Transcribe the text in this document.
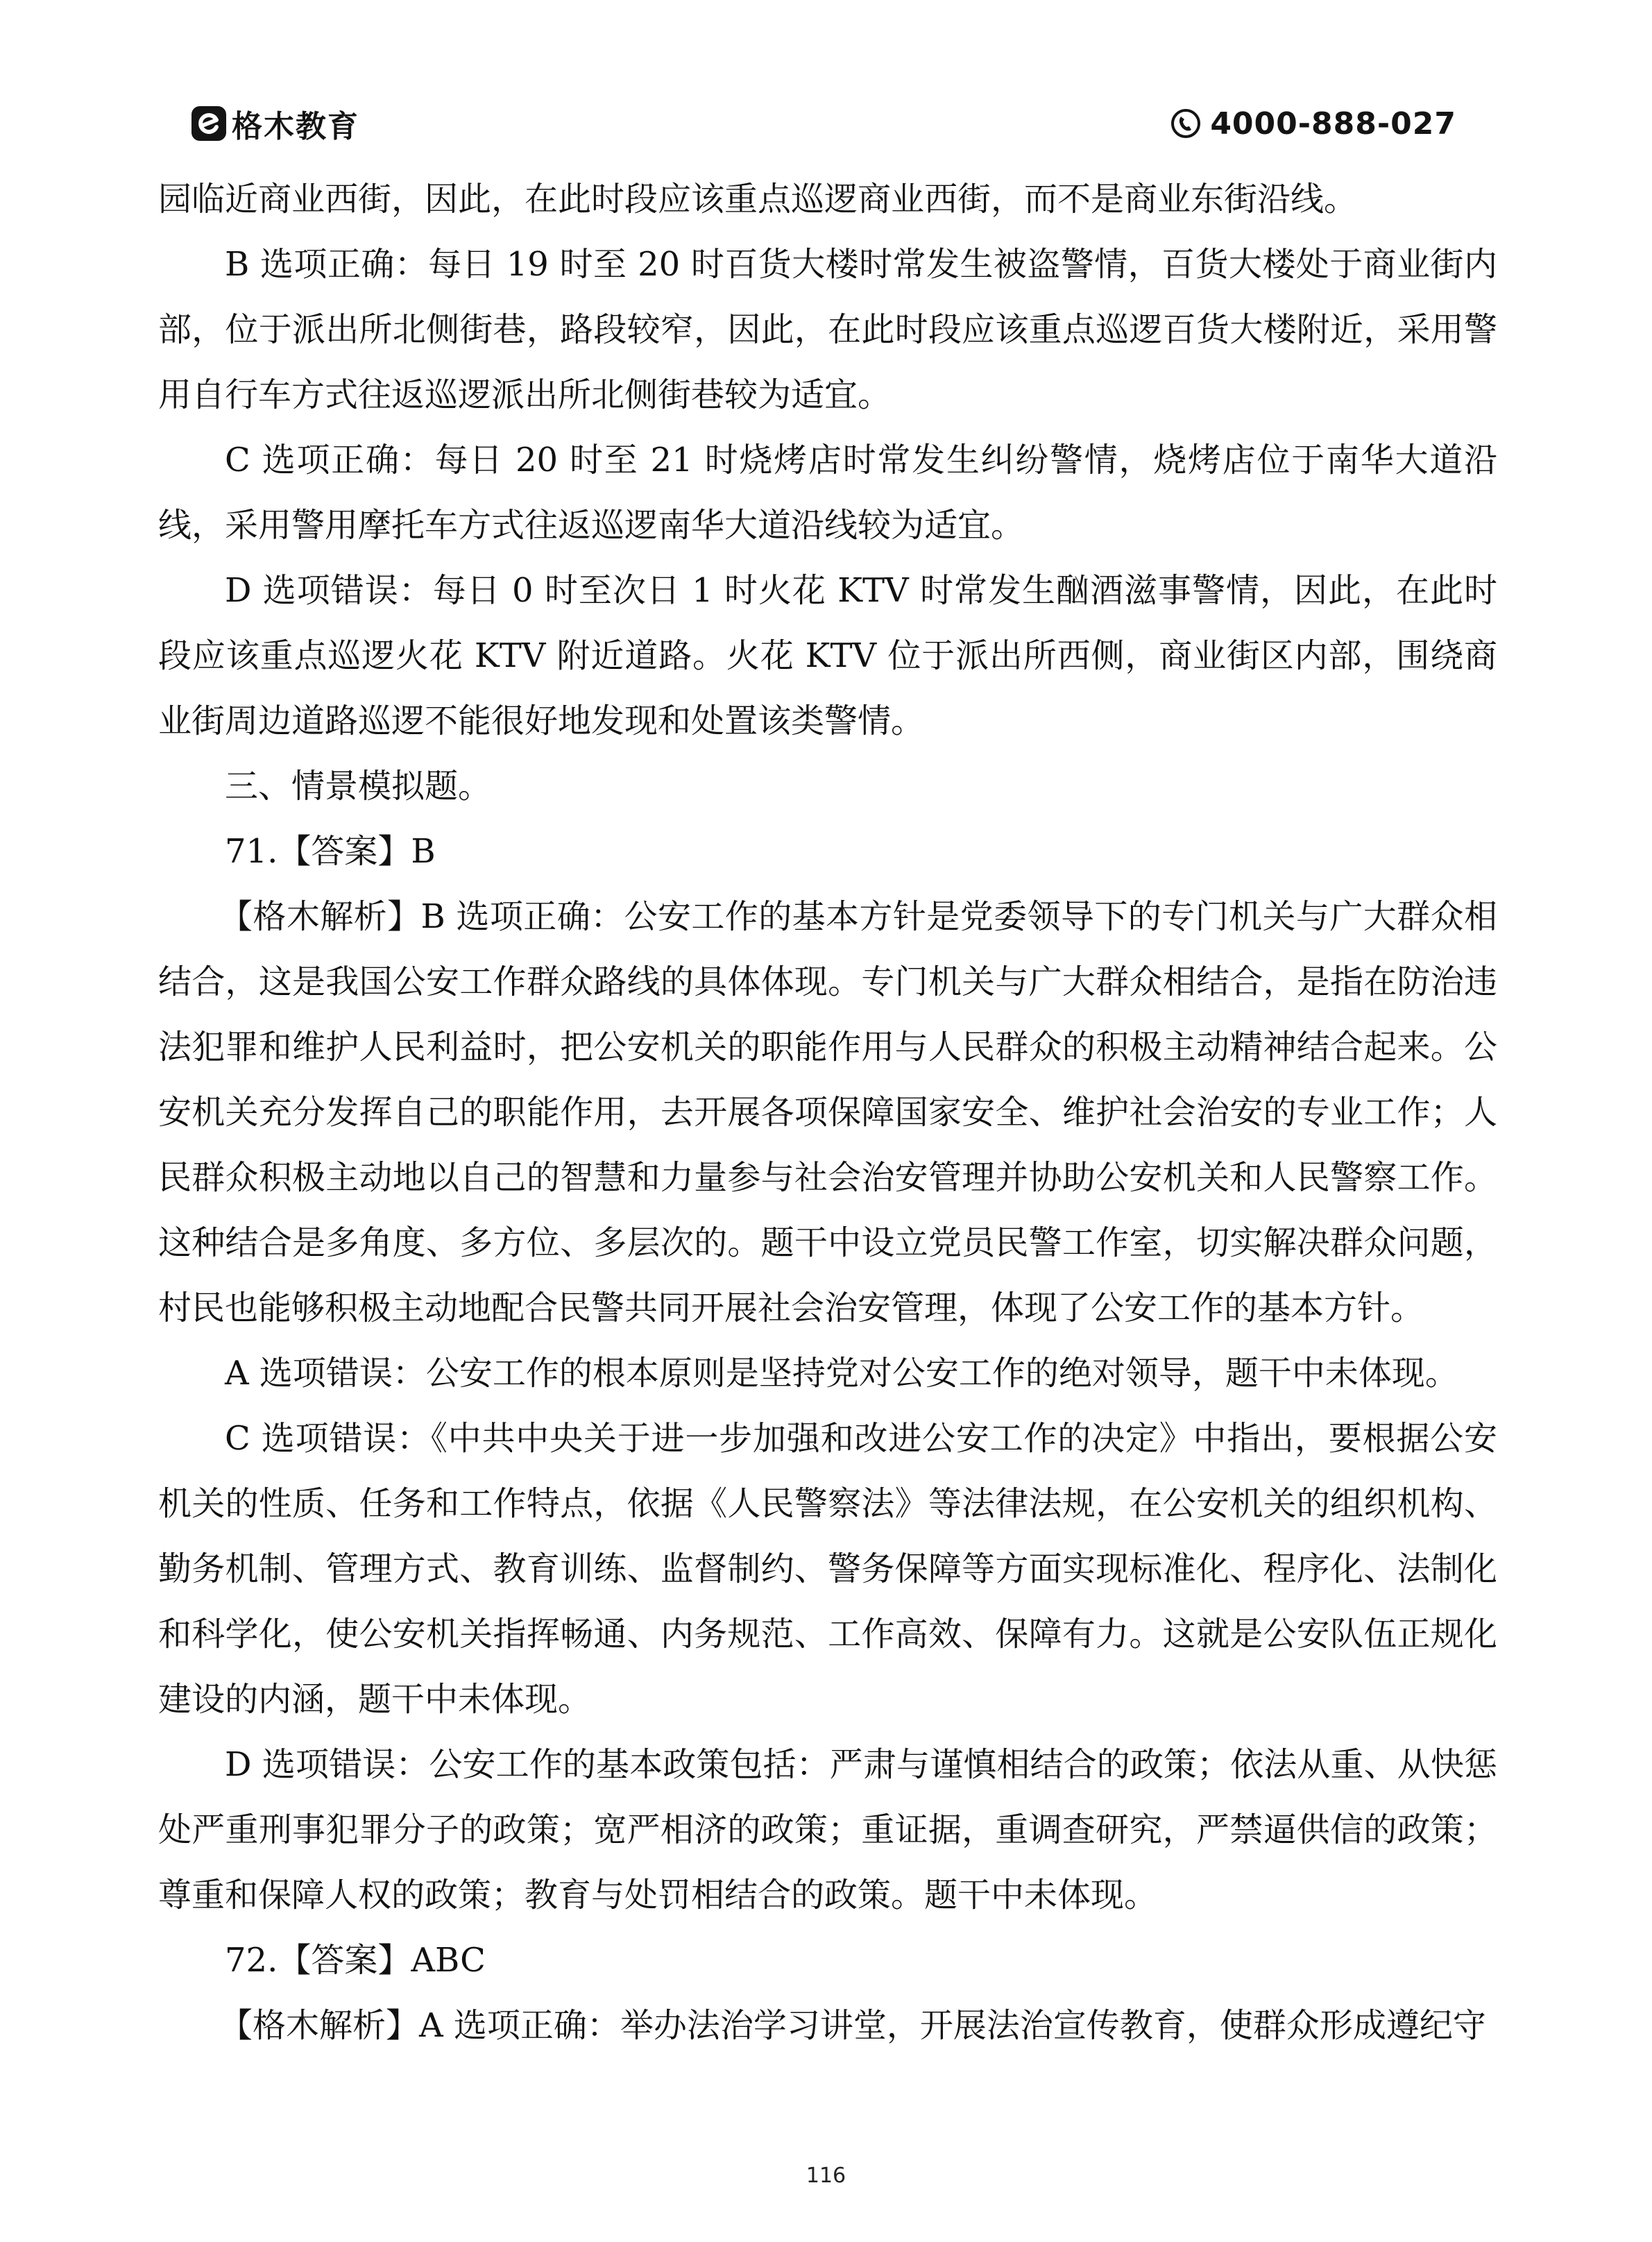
格木教育	4000-888-027

园临近商业西街，因此，在此时段应该重点巡逻商业西街，而不是商业东街沿线。

B 选项正确：每日 19 时至 20 时百货大楼时常发生被盗警情，百货大楼处于商业街内部，位于派出所北侧街巷，路段较窄，因此，在此时段应该重点巡逻百货大楼附近，采用警用自行车方式往返巡逻派出所北侧街巷较为适宜。

C 选项正确：每日 20 时至 21 时烧烤店时常发生纠纷警情，烧烤店位于南华大道沿线，采用警用摩托车方式往返巡逻南华大道沿线较为适宜。

D 选项错误：每日 0 时至次日 1 时火花 KTV 时常发生酗酒滋事警情，因此，在此时段应该重点巡逻火花 KTV 附近道路。火花 KTV 位于派出所西侧，商业街区内部，围绕商业街周边道路巡逻不能很好地发现和处置该类警情。

三、情景模拟题。

71.【答案】B

【格木解析】B 选项正确：公安工作的基本方针是党委领导下的专门机关与广大群众相结合，这是我国公安工作群众路线的具体体现。专门机关与广大群众相结合，是指在防治违法犯罪和维护人民利益时，把公安机关的职能作用与人民群众的积极主动精神结合起来。公安机关充分发挥自己的职能作用，去开展各项保障国家安全、维护社会治安的专业工作；人民群众积极主动地以自己的智慧和力量参与社会治安管理并协助公安机关和人民警察工作。这种结合是多角度、多方位、多层次的。题干中设立党员民警工作室，切实解决群众问题，村民也能够积极主动地配合民警共同开展社会治安管理，体现了公安工作的基本方针。

A 选项错误：公安工作的根本原则是坚持党对公安工作的绝对领导，题干中未体现。

C 选项错误：《中共中央关于进一步加强和改进公安工作的决定》中指出，要根据公安机关的性质、任务和工作特点，依据《人民警察法》等法律法规，在公安机关的组织机构、勤务机制、管理方式、教育训练、监督制约、警务保障等方面实现标准化、程序化、法制化和科学化，使公安机关指挥畅通、内务规范、工作高效、保障有力。这就是公安队伍正规化建设的内涵，题干中未体现。

D 选项错误：公安工作的基本政策包括：严肃与谨慎相结合的政策；依法从重、从快惩处严重刑事犯罪分子的政策；宽严相济的政策；重证据，重调查研究，严禁逼供信的政策；尊重和保障人权的政策；教育与处罚相结合的政策。题干中未体现。

72.【答案】ABC

【格木解析】A 选项正确：举办法治学习讲堂，开展法治宣传教育，使群众形成遵纪守

116
